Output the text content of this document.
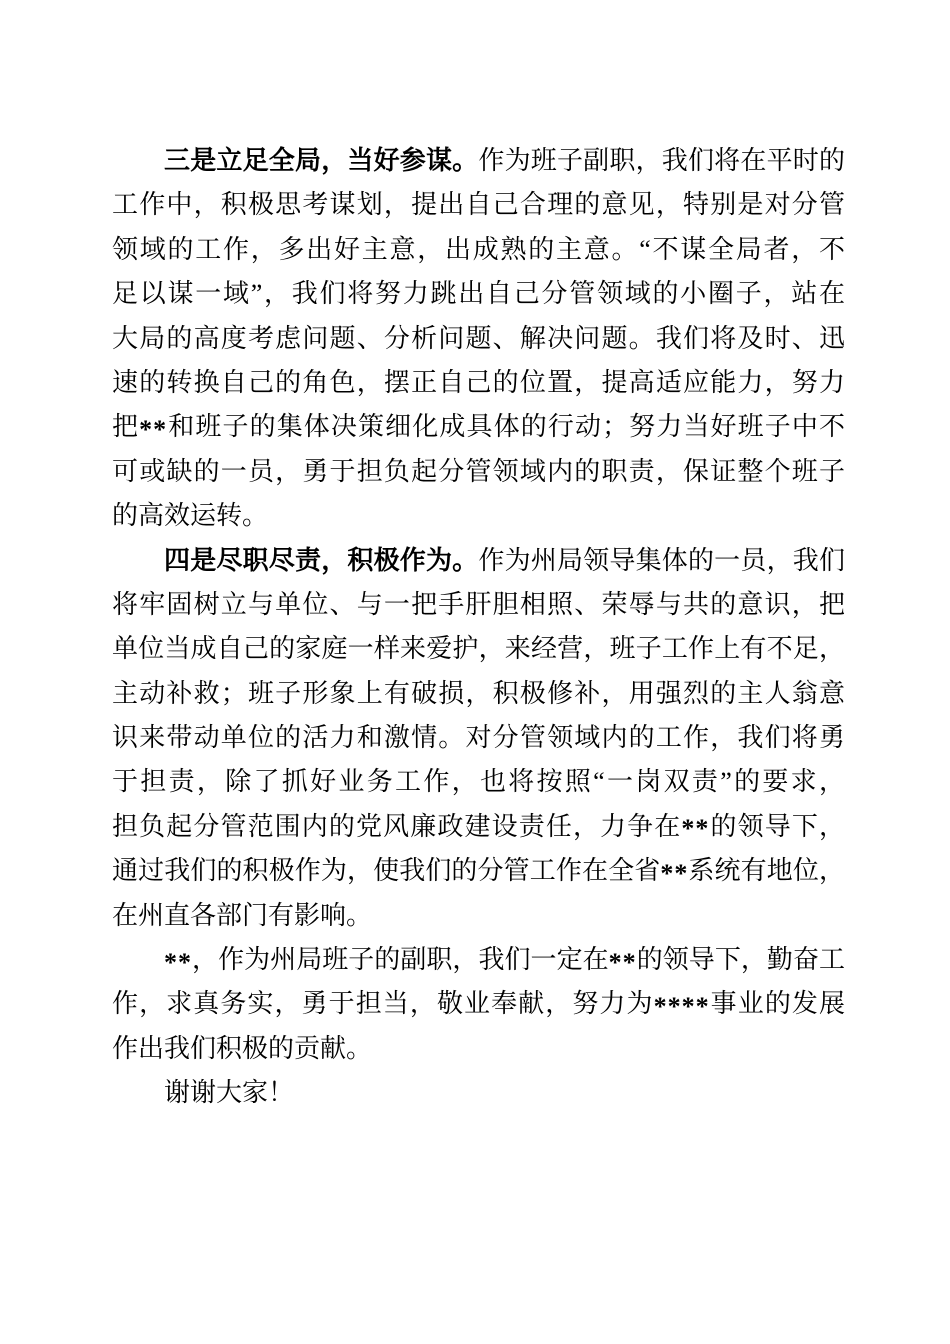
三是立足全局，当好参谋。作为班子副职，我们将在平时的
工作中，积极思考谋划，提出自己合理的意见，特别是对分管
领域的工作，多出好主意，出成熟的主意。“不谋全局者，不
足以谋一域”，我们将努力跳出自己分管领域的小圈子，站在
大局的高度考虑问题、分析问题、解决问题。我们将及时、迅
速的转换自己的角色，摆正自己的位置，提高适应能力，努力
把**和班子的集体决策细化成具体的行动；努力当好班子中不
可或缺的一员，勇于担负起分管领域内的职责，保证整个班子
的高效运转。
四是尽职尽责，积极作为。作为州局领导集体的一员，我们
将牢固树立与单位、与一把手肝胆相照、荣辱与共的意识，把
单位当成自己的家庭一样来爱护，来经营，班子工作上有不足，
主动补救；班子形象上有破损，积极修补，用强烈的主人翁意
识来带动单位的活力和激情。对分管领域内的工作，我们将勇
于担责，除了抓好业务工作，也将按照“一岗双责”的要求，
担负起分管范围内的党风廉政建设责任，力争在**的领导下，
通过我们的积极作为，使我们的分管工作在全省**系统有地位，
在州直各部门有影响。
**，作为州局班子的副职，我们一定在**的领导下，勤奋工
作，求真务实，勇于担当，敬业奉献，努力为****事业的发展
作出我们积极的贡献。
谢谢大家！
